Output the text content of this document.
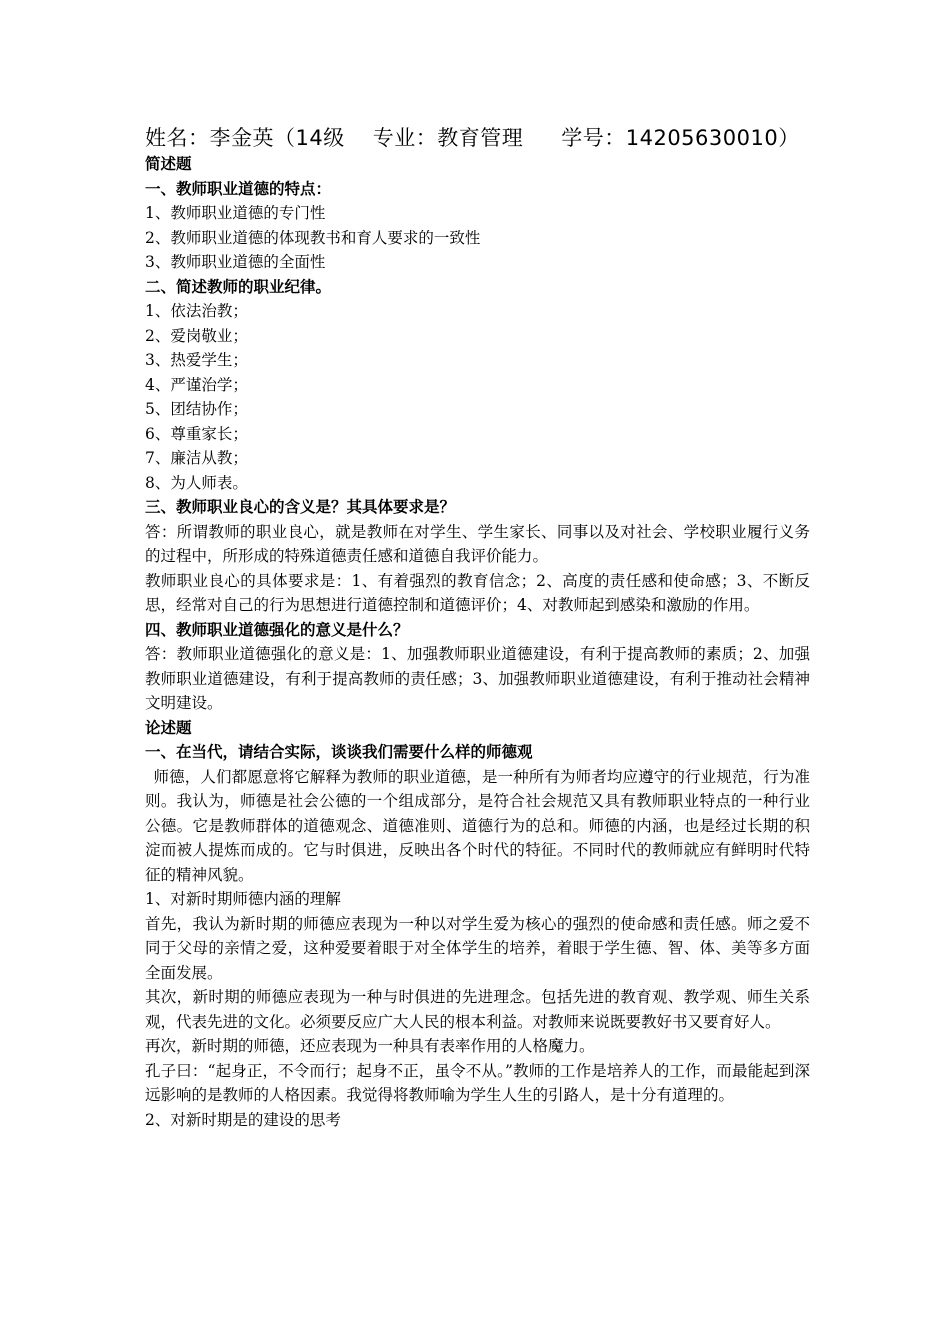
姓名：李金英（14级 专业：教育管理 学号：14205630010）
简述题
一、教师职业道德的特点：
1、教师职业道德的专门性
2、教师职业道德的体现教书和育人要求的一致性
3、教师职业道德的全面性
二、简述教师的职业纪律。
1、依法治教；
2、爱岗敬业；
3、热爱学生；
4、严谨治学；
5、团结协作；
6、尊重家长；
7、廉洁从教；
8、为人师表。
三、教师职业良心的含义是？其具体要求是？
答：所谓教师的职业良心，就是教师在对学生、学生家长、同事以及对社会、学校职业履行义务的过程中，所形成的特殊道德责任感和道德自我评价能力。
教师职业良心的具体要求是：1、有着强烈的教育信念；2、高度的责任感和使命感；3、不断反思，经常对自己的行为思想进行道德控制和道德评价；4、对教师起到感染和激励的作用。
四、教师职业道德强化的意义是什么？
答：教师职业道德强化的意义是：1、加强教师职业道德建设，有利于提高教师的素质；2、加强教师职业道德建设，有利于提高教师的责任感；3、加强教师职业道德建设，有利于推动社会精神文明建设。
论述题
一、在当代，请结合实际，谈谈我们需要什么样的师德观
师德，人们都愿意将它解释为教师的职业道德，是一种所有为师者均应遵守的行业规范，行为准则。我认为，师德是社会公德的一个组成部分，是符合社会规范又具有教师职业特点的一种行业公德。它是教师群体的道德观念、道德准则、道德行为的总和。师德的内涵，也是经过长期的积淀而被人提炼而成的。它与时俱进，反映出各个时代的特征。不同时代的教师就应有鲜明时代特征的精神风貌。
1、对新时期师德内涵的理解
首先，我认为新时期的师德应表现为一种以对学生爱为核心的强烈的使命感和责任感。师之爱不同于父母的亲情之爱，这种爱要着眼于对全体学生的培养，着眼于学生德、智、体、美等多方面全面发展。
其次，新时期的师德应表现为一种与时俱进的先进理念。包括先进的教育观、教学观、师生关系观，代表先进的文化。必须要反应广大人民的根本利益。对教师来说既要教好书又要育好人。
再次，新时期的师德，还应表现为一种具有表率作用的人格魔力。
孔子曰：“起身正，不令而行；起身不正，虽令不从。”教师的工作是培养人的工作，而最能起到深远影响的是教师的人格因素。我觉得将教师喻为学生人生的引路人，是十分有道理的。
2、对新时期是的建设的思考
